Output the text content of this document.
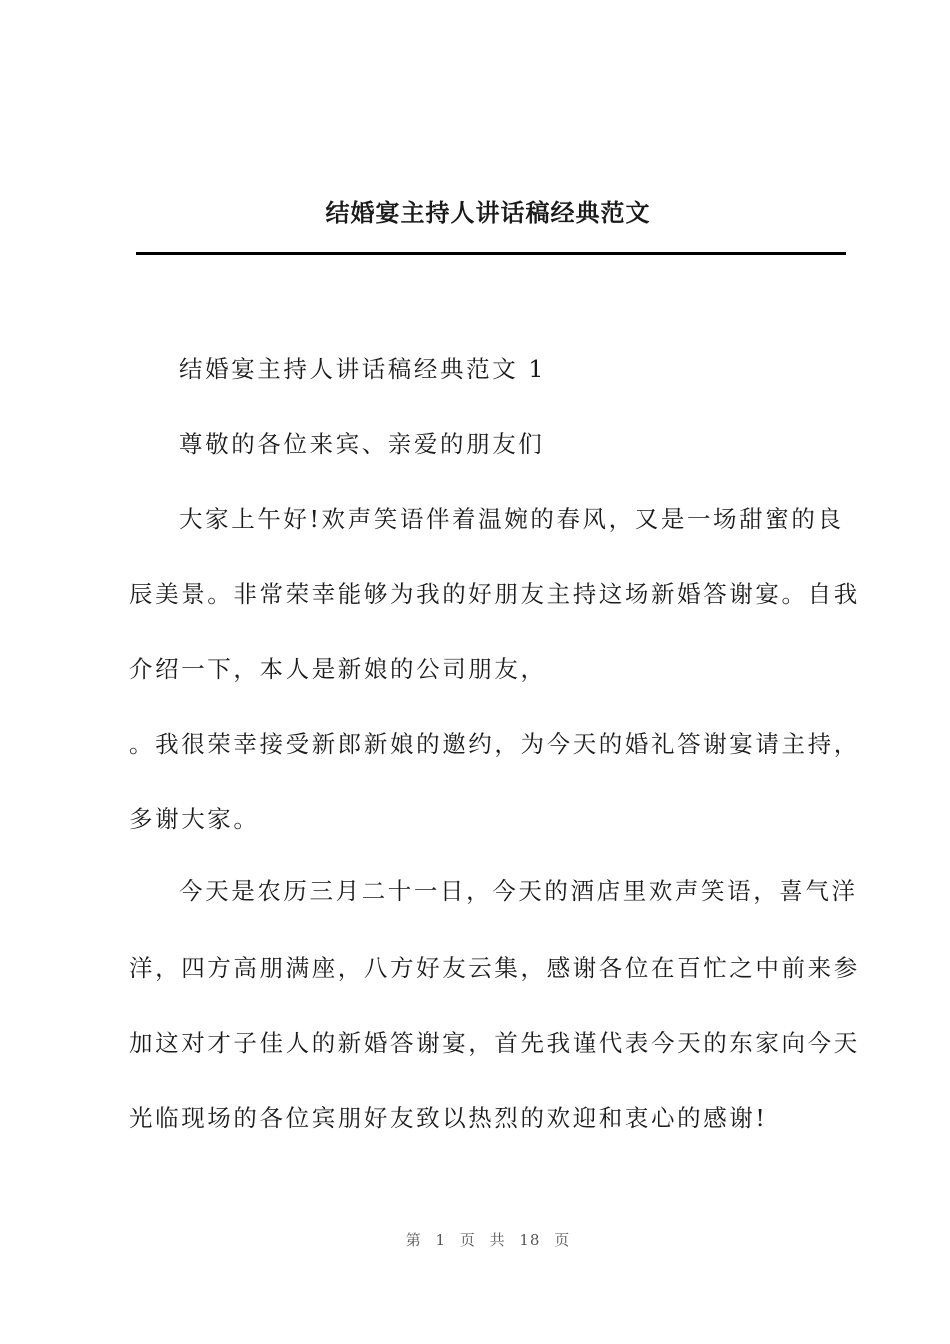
结婚宴主持人讲话稿经典范文
结婚宴主持人讲话稿经典范文 1
尊敬的各位来宾、亲爱的朋友们
大家上午好!欢声笑语伴着温婉的春风，又是一场甜蜜的良
辰美景。非常荣幸能够为我的好朋友主持这场新婚答谢宴。自我
介绍一下，本人是新娘的公司朋友，
。我很荣幸接受新郎新娘的邀约，为今天的婚礼答谢宴请主持，
多谢大家。
今天是农历三月二十一日，今天的酒店里欢声笑语，喜气洋
洋，四方高朋满座，八方好友云集，感谢各位在百忙之中前来参
加这对才子佳人的新婚答谢宴，首先我谨代表今天的东家向今天
光临现场的各位宾朋好友致以热烈的欢迎和衷心的感谢!
第 1 页 共 18 页
